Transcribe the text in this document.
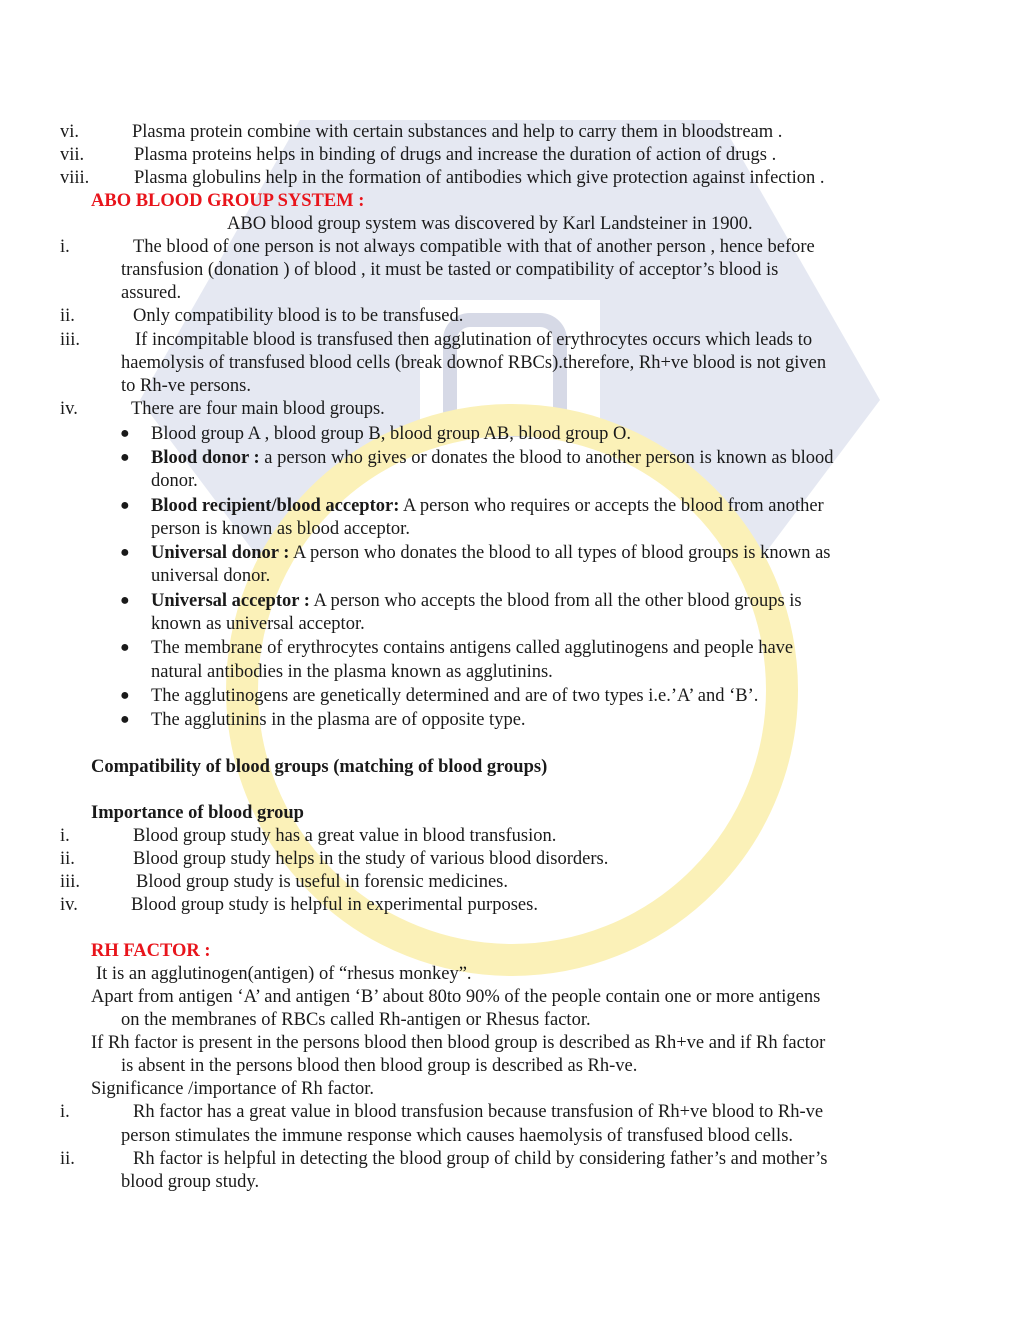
vi.	Plasma protein combine with certain substances and help to carry them in bloodstream .
vii.	Plasma proteins helps in binding of drugs and increase the duration of action of drugs .
viii. Plasma globulins help in the formation of antibodies which give protection against infection .
ABO BLOOD GROUP SYSTEM :
ABO blood group system was discovered by Karl Landsteiner in 1900.
i.	The blood of one person is not always compatible with that of another person , hence before
transfusion (donation ) of blood , it must be tasted or compatibility of acceptor’s blood is
assured.
ii.	Only compatibility blood is to be transfused.
iii.	If incompitable blood is transfused then agglutination of erythrocytes occurs which leads to
haemolysis of transfused blood cells (break downof RBCs).therefore, Rh+ve blood is not given
to Rh-ve persons.
iv.	There are four main blood groups.
● Blood group A , blood group B, blood group AB, blood group O.
● Blood donor : a person who gives or donates the blood to another person is known as blood
donor.
● Blood recipient/blood acceptor: A person who requires or accepts the blood from another
person is known as blood acceptor.
● Universal donor : A person who donates the blood to all types of blood groups is known as
universal donor.
● Universal acceptor : A person who accepts the blood from all the other blood groups is
known as universal acceptor.
● The membrane of erythrocytes contains antigens called agglutinogens and people have
natural antibodies in the plasma known as agglutinins.
● The agglutinogens are genetically determined and are of two types i.e.’A’ and ‘B’.
● The agglutinins in the plasma are of opposite type.
Compatibility of blood groups (matching of blood groups)
Importance of blood group
i.	Blood group study has a great value in blood transfusion.
ii.	Blood group study helps in the study of various blood disorders.
iii.	Blood group study is useful in forensic medicines.
iv.	Blood group study is helpful in experimental purposes.
RH FACTOR :
It is an agglutinogen(antigen) of “rhesus monkey”.
Apart from antigen ‘A’ and antigen ‘B’ about 80to 90% of the people contain one or more antigens
on the membranes of RBCs called Rh-antigen or Rhesus factor.
If Rh factor is present in the persons blood then blood group is described as Rh+ve and if Rh factor
is absent in the persons blood then blood group is described as Rh-ve.
Significance /importance of Rh factor.
i.	Rh factor has a great value in blood transfusion because transfusion of Rh+ve blood to Rh-ve
person stimulates the immune response which causes haemolysis of transfused blood cells.
ii.	Rh factor is helpful in detecting the blood group of child by considering father’s and mother’s
blood group study.
